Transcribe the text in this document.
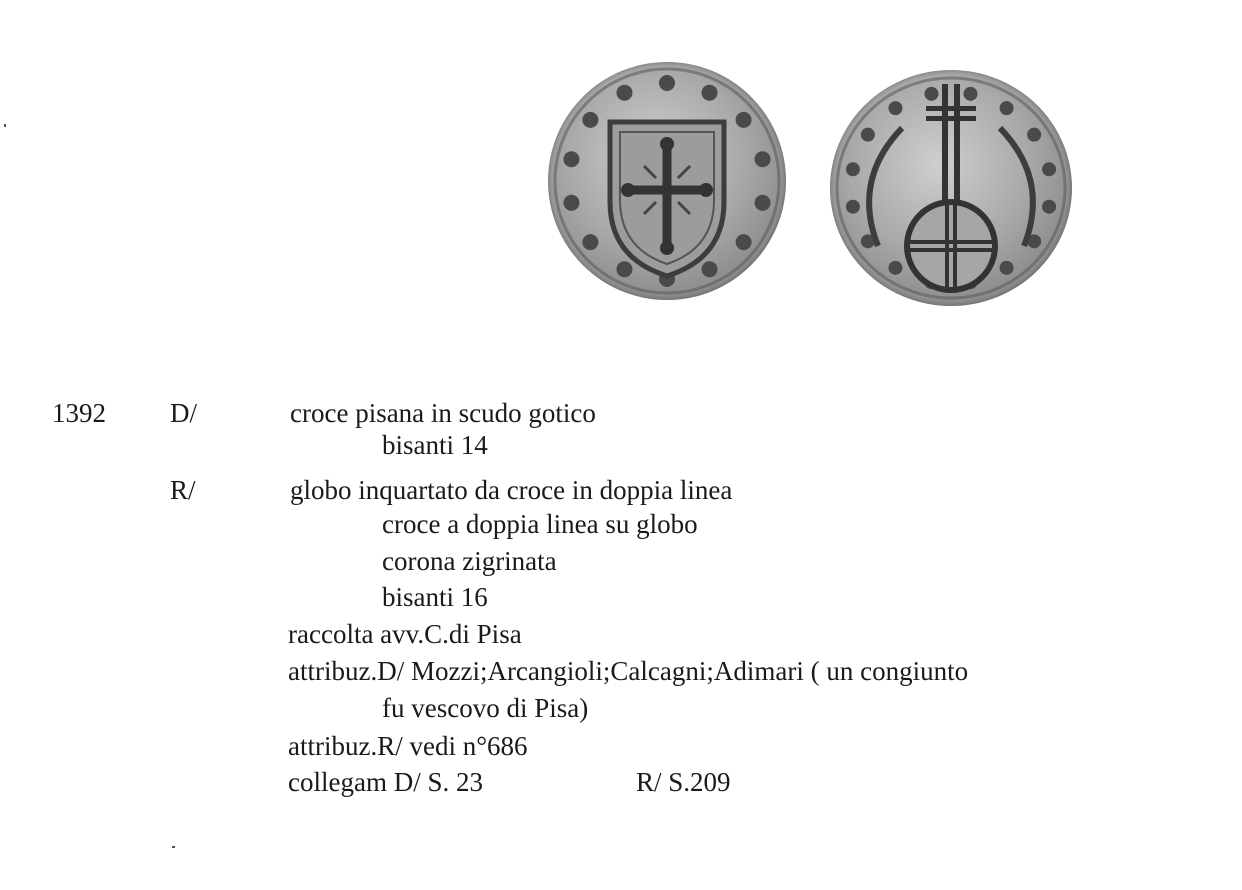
1392 D/	croce pisana in scudo gotico
bisanti 14
R/	globo inquartato da croce in doppia linea
croce a doppia linea su globo
corona zigrinata
bisanti 16
raccolta avv.C.di Pisa
attribuz.D/ Mozzi;Arcangioli;Calcagni;Adimari ( un congiunto
fu vescovo di Pisa)
attribuz.R/ vedi n°686
collegam D/ S. 23	R/ S.209
